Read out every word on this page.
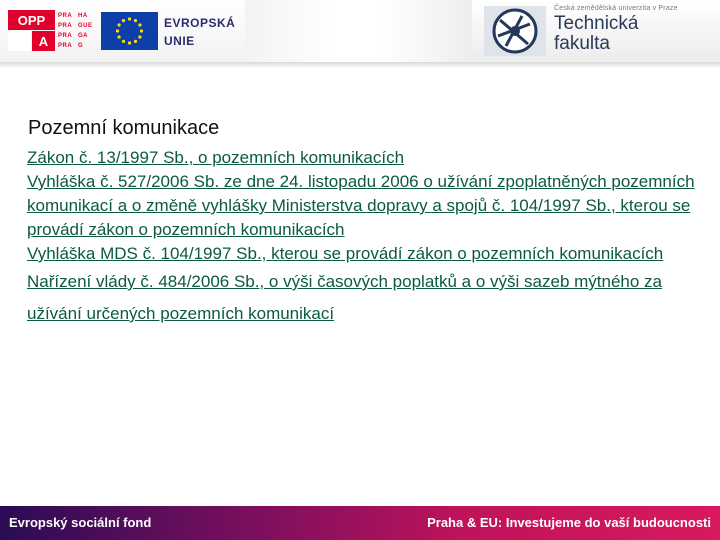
OPP
A
PRA HA
PRA GUE
PRA GA
PRA G
EVROPSKÁ
UNIE
Česká zemědělská univerzita v Praze
Technická
fakulta
Pozemní komunikace
Zákon č. 13/1997 Sb., o pozemních komunikacích
Vyhláška č. 527/2006 Sb. ze dne 24. listopadu 2006 o užívání zpoplatněných pozemních komunikací a o změně vyhlášky Ministerstva dopravy a spojů č. 104/1997 Sb., kterou se provádí zákon o pozemních komunikacích
Vyhláška MDS č. 104/1997 Sb., kterou se provádí zákon o pozemních komunikacích
Nařízení vlády č. 484/2006 Sb., o výši časových poplatků a o výši sazeb mýtného za užívání určených pozemních komunikací
Evropský sociální fond	Praha & EU: Investujeme do vaší budoucnosti
